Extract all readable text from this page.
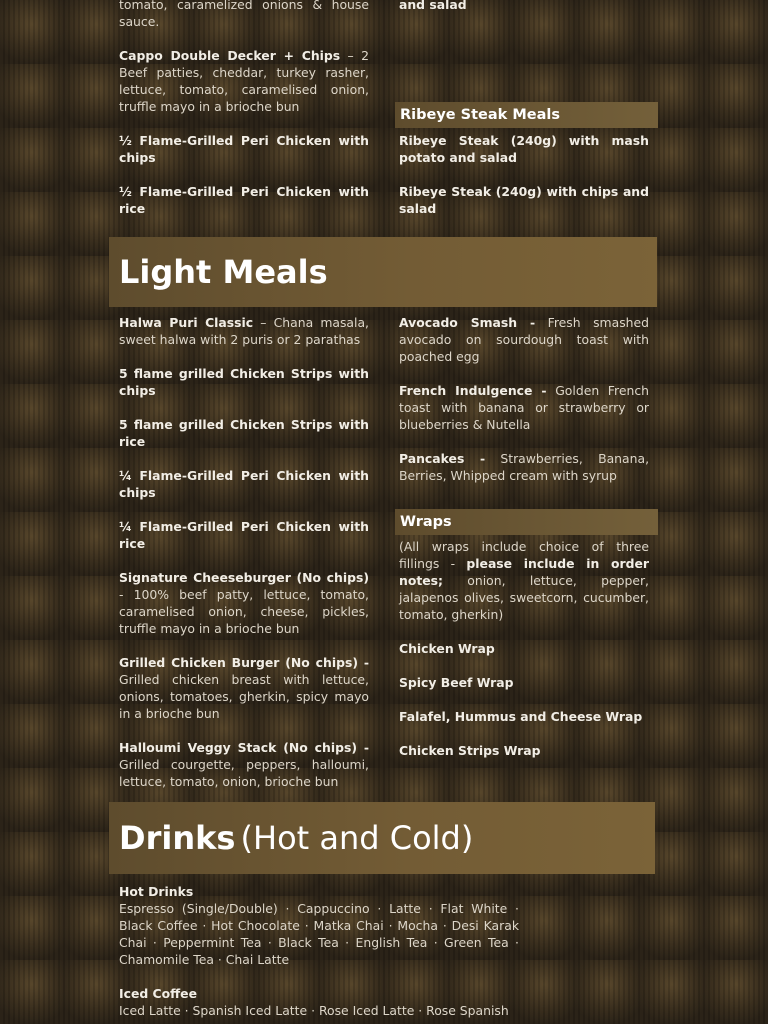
tomato, caramelized onions & house sauce.

Cappo Double Decker + Chips – 2 Beef patties, cheddar, turkey rasher, lettuce, tomato, caramelised onion, truffle mayo in a brioche bun

½ Flame-Grilled Peri Chicken with chips

½ Flame-Grilled Peri Chicken with rice

and salad

Ribeye Steak Meals

Ribeye Steak (240g) with mash potato and salad

Ribeye Steak (240g) with chips and salad

Light Meals

Halwa Puri Classic – Chana masala, sweet halwa with 2 puris or 2 parathas

5 flame grilled Chicken Strips with chips

5 flame grilled Chicken Strips with rice

¼ Flame-Grilled Peri Chicken with chips

¼ Flame-Grilled Peri Chicken with rice

Signature Cheeseburger (No chips) - 100% beef patty, lettuce, tomato, caramelised onion, cheese, pickles, truffle mayo in a brioche bun

Grilled Chicken Burger (No chips) - Grilled chicken breast with lettuce, onions, tomatoes, gherkin, spicy mayo in a brioche bun

Halloumi Veggy Stack (No chips) - Grilled courgette, peppers, halloumi, lettuce, tomato, onion, brioche bun

Avocado Smash - Fresh smashed avocado on sourdough toast with poached egg

French Indulgence - Golden French toast with banana or strawberry or blueberries & Nutella

Pancakes - Strawberries, Banana, Berries, Whipped cream with syrup

Wraps

(All wraps include choice of three fillings - please include in order notes; onion, lettuce, pepper, jalapenos olives, sweetcorn, cucumber, tomato, gherkin)

Chicken Wrap

Spicy Beef Wrap

Falafel, Hummus and Cheese Wrap

Chicken Strips Wrap

Drinks (Hot and Cold)

Hot Drinks

Espresso (Single/Double) · Cappuccino · Latte · Flat White · Black Coffee · Hot Chocolate · Matka Chai · Mocha · Desi Karak Chai · Peppermint Tea · Black Tea · English Tea · Green Tea · Chamomile Tea · Chai Latte

Iced Coffee

Iced Latte · Spanish Iced Latte · Rose Iced Latte · Rose Spanish
